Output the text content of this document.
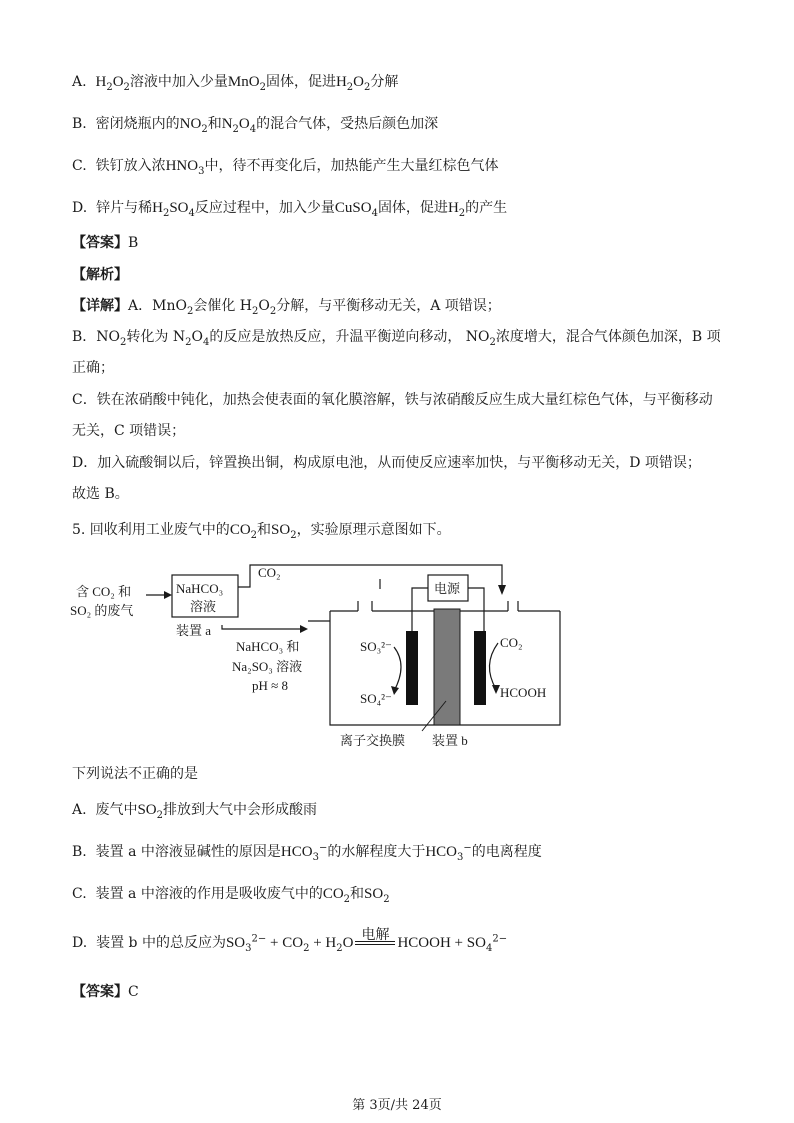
A. $H_2O_2$溶液中加入少量MnO$_2$固体，促进$H_2O_2$分解
B. 密闭烧瓶内的$NO_2$和$N_2O_4$的混合气体，受热后颜色加深
C. 铁钉放入浓$HNO_3$中，待不再变化后，加热能产生大量红棕色气体
D. 锌片与稀$H_2SO_4$反应过程中，加入少量CuSO$_4$固体，促进$H_2$的产生
【答案】B
【解析】
【详解】A．MnO$_2$会催化 $H_2O_2$分解，与平衡移动无关，A 项错误；
B．$NO_2$转化为 $N_2O_4$的反应是放热反应，升温平衡逆向移动， $NO_2$浓度增大，混合气体颜色加深，B 项
正确；
C．铁在浓硝酸中钝化，加热会使表面的氧化膜溶解，铁与浓硝酸反应生成大量红棕色气体，与平衡移动
无关，C 项错误；
D．加入硫酸铜以后，锌置换出铜，构成原电池，从而使反应速率加快，与平衡移动无关，D 项错误；
故选 B。
5. 回收利用工业废气中的$CO_2$和$SO_2$，实验原理示意图如下。
含 CO₂ 和
SO₂ 的废气
NaHCO₃
溶液
装置 a
CO₂
NaHCO₃ 和
Na₂SO₃ 溶液
pH ≈ 8
电源
SO₃²⁻
SO₄²⁻
CO₂
HCOOH
离子交换膜 装置 b
下列说法不正确的是
A. 废气中$SO_2$排放到大气中会形成酸雨
B. 装置 a 中溶液显碱性的原因是$HCO_3^-$的水解程度大于$HCO_3^-$的电离程度
C. 装置 a 中溶液的作用是吸收废气中的$CO_2$和$SO_2$
D. 装置 b 中的总反应为$SO_3^{2-} + CO_2 + H_2O$ 电解 HCOOH + $SO_4^{2-}$
【答案】C
第 3页/共 24页
